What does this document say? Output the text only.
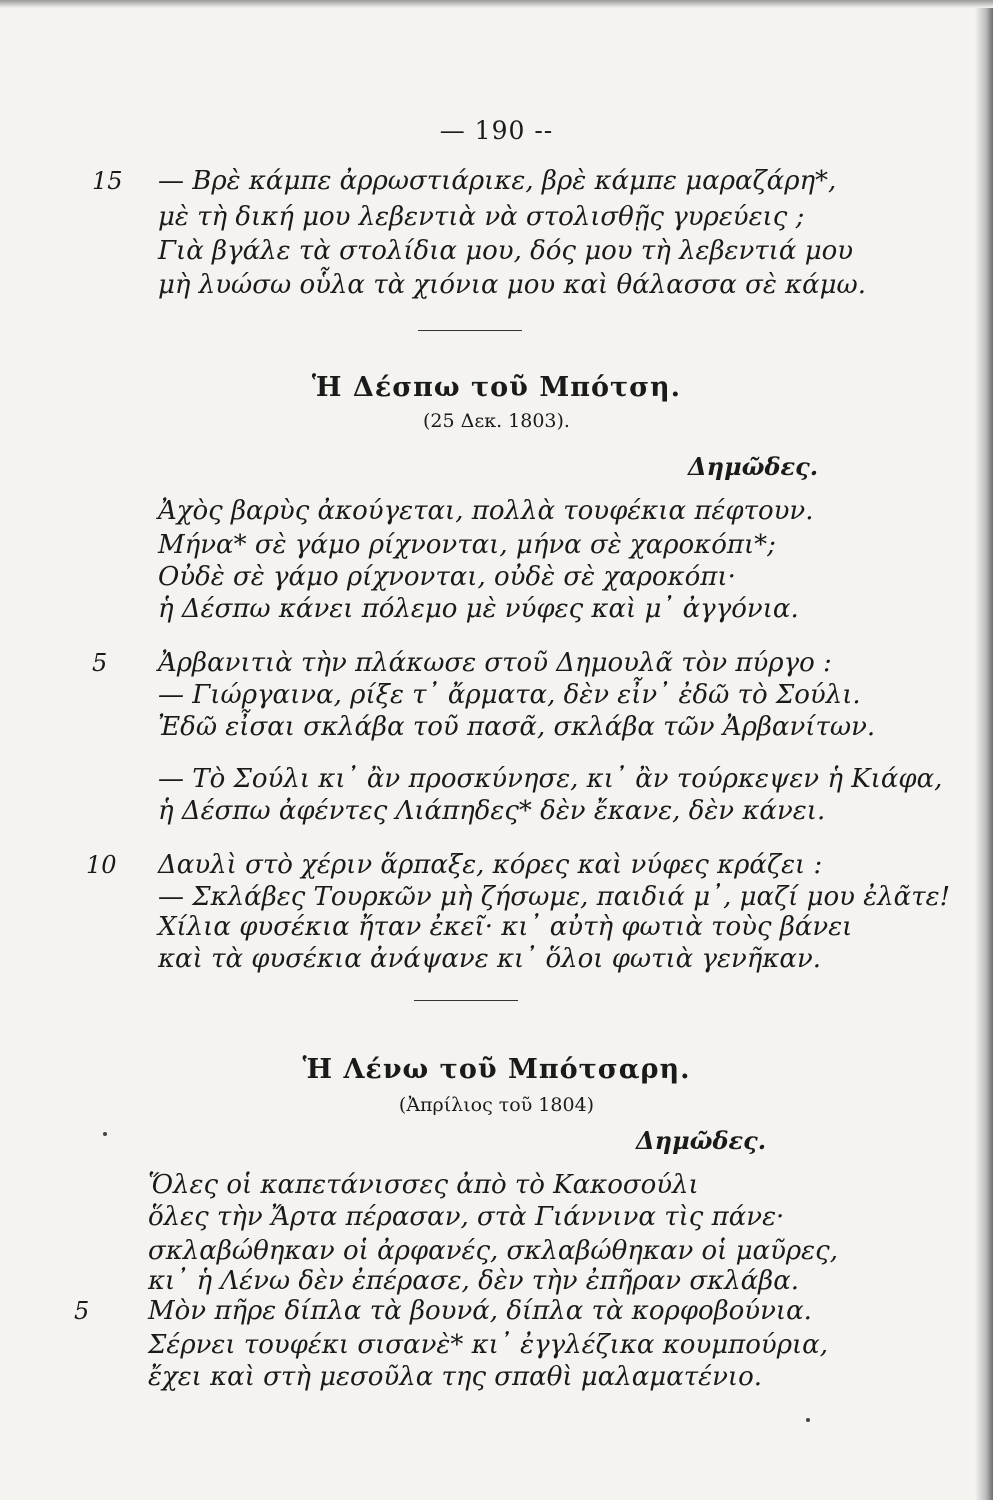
— 190 --
15 — Βρὲ κάμπε ἀρρωστιάρικε, βρὲ κάμπε μαραζάρη*,
μὲ τὴ δική μου λεβεντιὰ νὰ στολισθῇς γυρεύεις ;
Γιὰ βγάλε τὰ στολίδια μου, δός μου τὴ λεβεντιά μου
μὴ λυώσω οὗλα τὰ χιόνια μου καὶ θάλασσα σὲ κάμω.
Ἡ Δέσπω τοῦ Μπότση.
(25 Δεκ. 1803).
Δημῶδες.
Ἀχὸς βαρὺς ἀκούγεται, πολλὰ τουφέκια πέφτουν.
Μήνα* σὲ γάμο ρίχνονται, μήνα σὲ χαροκόπι*;
Οὐδὲ σὲ γάμο ρίχνονται, οὐδὲ σὲ χαροκόπι·
ἡ Δέσπω κάνει πόλεμο μὲ νύφες καὶ μ᾿ ἀγγόνια.
5 Ἀρβανιτιὰ τὴν πλάκωσε στοῦ Δημουλᾶ τὸν πύργο :
— Γιώργαινα, ρίξε τ᾿ ἄρματα, δὲν εἶν᾿ ἐδῶ τὸ Σούλι.
Ἐδῶ εἶσαι σκλάβα τοῦ πασᾶ, σκλάβα τῶν Ἀρβανίτων.
— Τὸ Σούλι κι᾿ ἂν προσκύνησε, κι᾿ ἂν τούρκεψεν ἡ Κιάφα,
ἡ Δέσπω ἀφέντες Λιάπηδες* δὲν ἔκανε, δὲν κάνει.
10 Δαυλὶ στὸ χέριν ἅρπαξε, κόρες καὶ νύφες κράζει :
— Σκλάβες Τουρκῶν μὴ ζήσωμε, παιδιά μ᾿, μαζί μου ἐλᾶτε!
Χίλια φυσέκια ἤταν ἐκεῖ· κι᾿ αὐτὴ φωτιὰ τοὺς βάνει
καὶ τὰ φυσέκια ἀνάψανε κι᾿ ὅλοι φωτιὰ γενῆκαν.
Ἡ Λένω τοῦ Μπότσαρη.
(Ἀπρίλιος τοῦ 1804)
Δημῶδες.
Ὅλες οἱ καπετάνισσες ἀπὸ τὸ Κακοσούλι
ὅλες τὴν Ἄρτα πέρασαν, στὰ Γιάννινα τὶς πάνε·
σκλαβώθηκαν οἱ ἀρφανές, σκλαβώθηκαν οἱ μαῦρες,
κι᾿ ἡ Λένω δὲν ἐπέρασε, δὲν τὴν ἐπῆραν σκλάβα.
5 Μὸν πῆρε δίπλα τὰ βουνά, δίπλα τὰ κορφοβούνια.
Σέρνει τουφέκι σισανὲ* κι᾿ ἐγγλέζικα κουμπούρια,
ἔχει καὶ στὴ μεσοῦλα της σπαθὶ μαλαματένιο.
